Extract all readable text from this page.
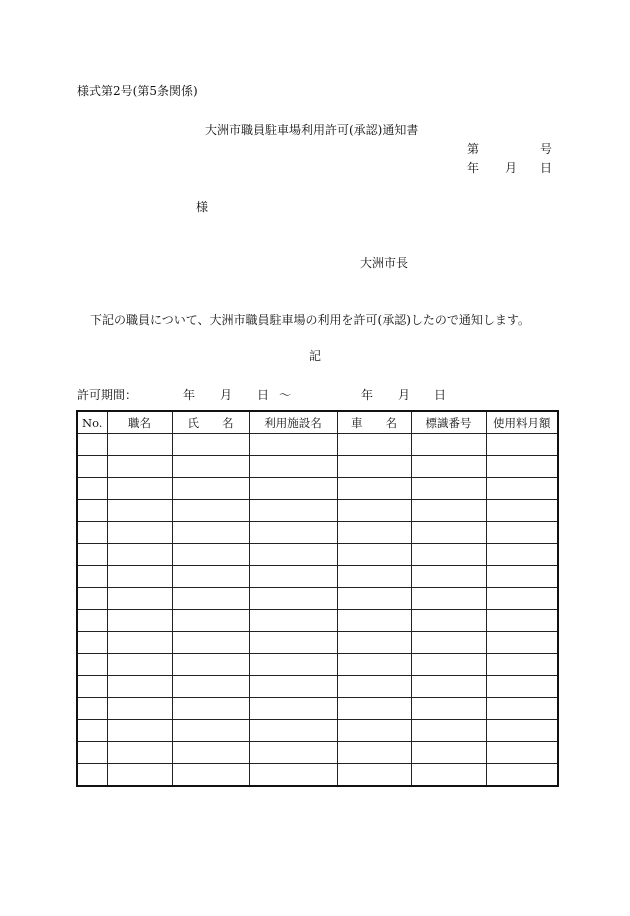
様式第2号(第5条関係)
大洲市職員駐車場利用許可(承認)通知書
第	号
年 月 日
様
大洲市長
下記の職員について、大洲市職員駐車場の利用を許可(承認)したので通知します。
記
許可期間：	年 月 日 〜	年 月 日
No.	職名	氏　　名	利用施設名	車　　名	標識番号	使用料月額
